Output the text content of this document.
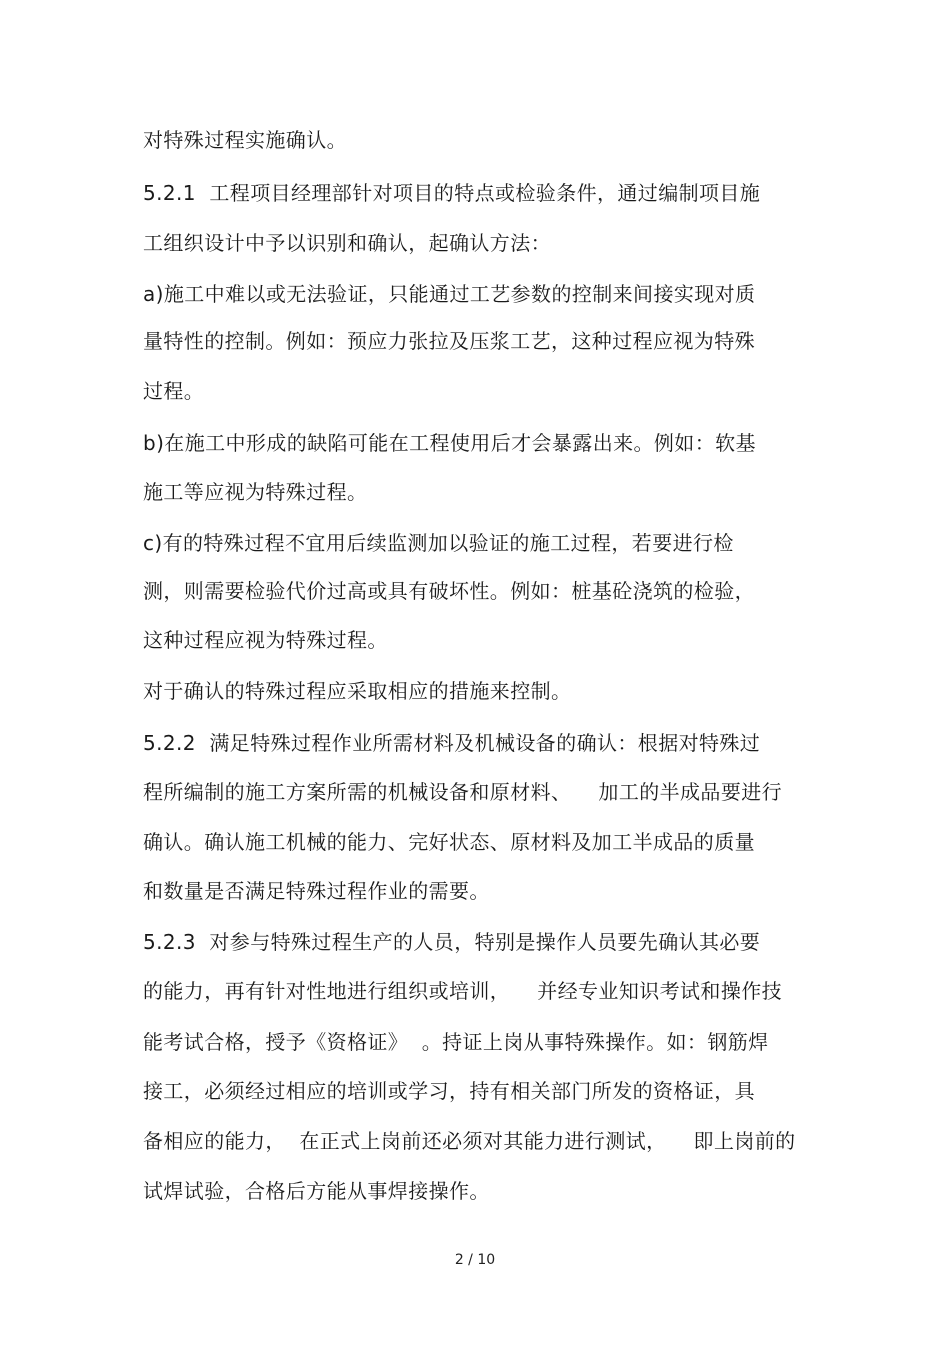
对特殊过程实施确认。
5.2.1  工程项目经理部针对项目的特点或检验条件，通过编制项目施
工组织设计中予以识别和确认，起确认方法：
a)施工中难以或无法验证，只能通过工艺参数的控制来间接实现对质
量特性的控制。例如：预应力张拉及压浆工艺，这种过程应视为特殊
过程。
b)在施工中形成的缺陷可能在工程使用后才会暴露出来。例如：软基
施工等应视为特殊过程。
c)有的特殊过程不宜用后续监测加以验证的施工过程，若要进行检
测，则需要检验代价过高或具有破坏性。例如：桩基砼浇筑的检验，
这种过程应视为特殊过程。
对于确认的特殊过程应采取相应的措施来控制。
5.2.2  满足特殊过程作业所需材料及机械设备的确认：根据对特殊过
程所编制的施工方案所需的机械设备和原材料、    加工的半成品要进行
确认。确认施工机械的能力、完好状态、原材料及加工半成品的质量
和数量是否满足特殊过程作业的需要。
5.2.3  对参与特殊过程生产的人员，特别是操作人员要先确认其必要
的能力，再有针对性地进行组织或培训，    并经专业知识考试和操作技
能考试合格，授予《资格证》  。持证上岗从事特殊操作。如：钢筋焊
接工，必须经过相应的培训或学习，持有相关部门所发的资格证，具
备相应的能力，  在正式上岗前还必须对其能力进行测试，    即上岗前的
试焊试验，合格后方能从事焊接操作。
2 / 10
